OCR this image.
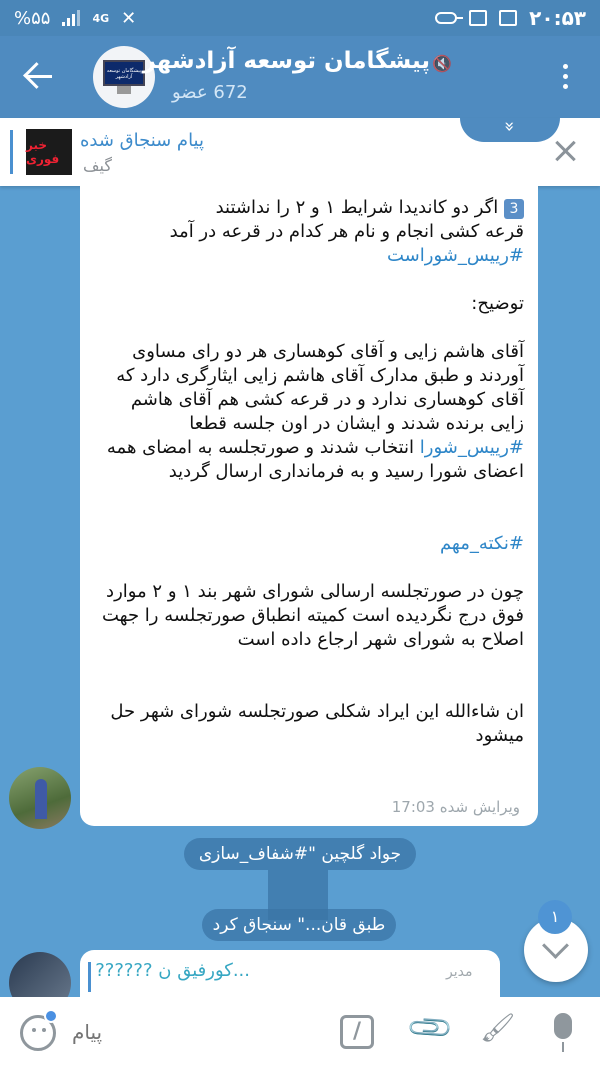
%۵۵	4G ✕	۲۰:۵۳
پیشگامان توسعه آزادشهر
پیشگامان توسعه آزادشهر 🔇
672 عضو
خبر فوری
پیام سنجاق شده
گیف
»

3 اگر دو کاندیدا شرایط ۱ و ۲ را نداشتند
قرعه کشی انجام و نام هر کدام در قرعه در آمد
#رییس_شوراست

توضیح:

آقای هاشم زایی و آقای کوهساری هر دو رای مساوی آوردند و طبق مدارک آقای هاشم زایی ایثارگری دارد که آقای کوهساری ندارد و در قرعه کشی هم آقای هاشم زایی برنده شدند و ایشان در اون جلسه قطعا #رییس_شورا انتخاب شدند و صورتجلسه به امضای همه اعضای شورا رسید و به فرمانداری ارسال گردید

#نکته_مهم

چون در صورتجلسه ارسالی شورای شهر بند ۱ و ۲ موارد فوق درج نگردیده است کمیته انطباق صورتجلسه را جهت اصلاح به شورای شهر ارجاع داده است

ان شاءالله این ایراد شکلی صورتجلسه شورای شهر حل میشود

17:03 ویرایش شده
جواد گلچین "#شفاف_سازی
طبق قان..." سنجاق کرد
?????? کورفیق ن...	مدیر
١
پیام
/	📎 🖌
